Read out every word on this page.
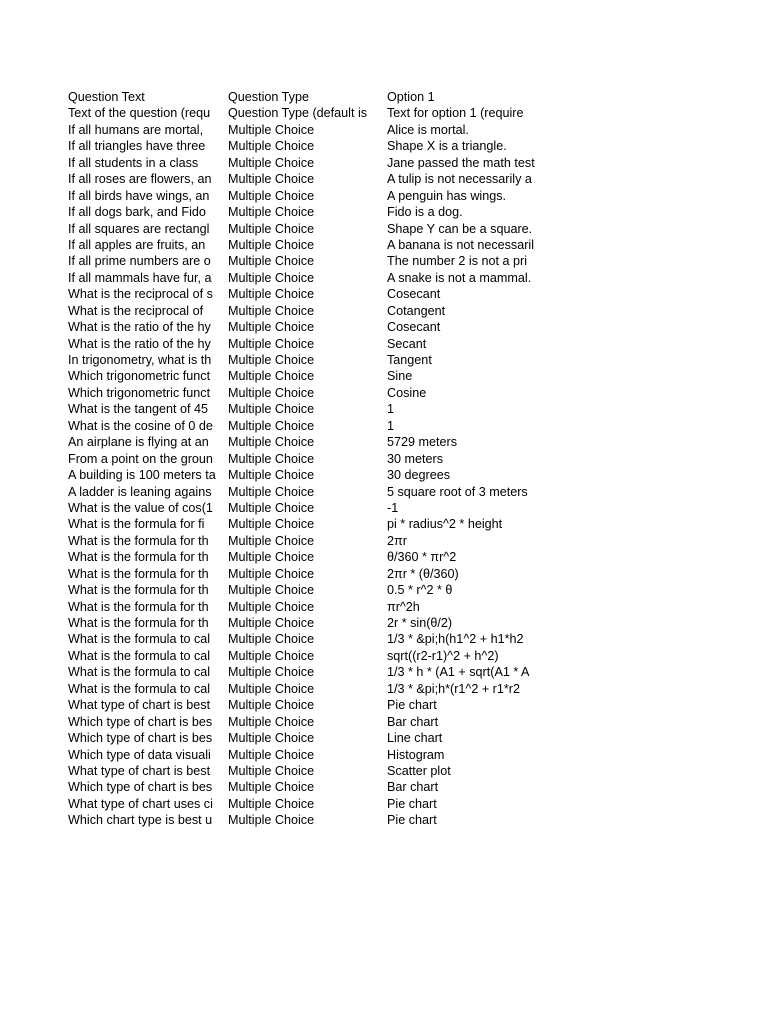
Question Text	Question Type	Option 1
Text of the question (requ	Question Type (default is	Text for option 1 (require
If all humans are mortal,	Multiple Choice	Alice is mortal.
If all triangles have three	Multiple Choice	Shape X is a triangle.
If all students in a class	Multiple Choice	Jane passed the math test
If all roses are flowers, an	Multiple Choice	A tulip is not necessarily a
If all birds have wings, an	Multiple Choice	A penguin has wings.
If all dogs bark, and Fido	Multiple Choice	Fido is a dog.
If all squares are rectangl	Multiple Choice	Shape Y can be a square.
If all apples are fruits, an	Multiple Choice	A banana is not necessaril
If all prime numbers are o	Multiple Choice	The number 2 is not a pri
If all mammals have fur, a	Multiple Choice	A snake is not a mammal.
What is the reciprocal of s	Multiple Choice	Cosecant
What is the reciprocal of	Multiple Choice	Cotangent
What is the ratio of the hy	Multiple Choice	Cosecant
What is the ratio of the hy	Multiple Choice	Secant
In trigonometry, what is th	Multiple Choice	Tangent
Which trigonometric funct	Multiple Choice	Sine
Which trigonometric funct	Multiple Choice	Cosine
What is the tangent of 45	Multiple Choice	1
What is the cosine of 0 de	Multiple Choice	1
An airplane is flying at an	Multiple Choice	5729 meters
From a point on the groun	Multiple Choice	30 meters
A building is 100 meters ta Multiple Choice	30 degrees
A ladder is leaning agains	Multiple Choice	5 square root of 3 meters
What is the value of cos(1	Multiple Choice	-1
What is the formula for fi	Multiple Choice	pi * radius^2 * height
What is the formula for th	Multiple Choice	2πr
What is the formula for th	Multiple Choice	θ/360 * πr^2
What is the formula for th	Multiple Choice	2πr * (θ/360)
What is the formula for th	Multiple Choice	0.5 * r^2 * θ
What is the formula for th	Multiple Choice	πr^2h
What is the formula for th	Multiple Choice	2r * sin(θ/2)
What is the formula to cal	Multiple Choice	1/3 * &pi;h(h1^2 + h1*h2
What is the formula to cal	Multiple Choice	sqrt((r2-r1)^2 + h^2)
What is the formula to cal	Multiple Choice	1/3 * h * (A1 + sqrt(A1 * A
What is the formula to cal	Multiple Choice	1/3 * &pi;h*(r1^2 + r1*r2
What type of chart is best	Multiple Choice	Pie chart
Which type of chart is bes	Multiple Choice	Bar chart
Which type of chart is bes	Multiple Choice	Line chart
Which type of data visuali	Multiple Choice	Histogram
What type of chart is best	Multiple Choice	Scatter plot
Which type of chart is bes	Multiple Choice	Bar chart
What type of chart uses ci	Multiple Choice	Pie chart
Which chart type is best u	Multiple Choice	Pie chart
